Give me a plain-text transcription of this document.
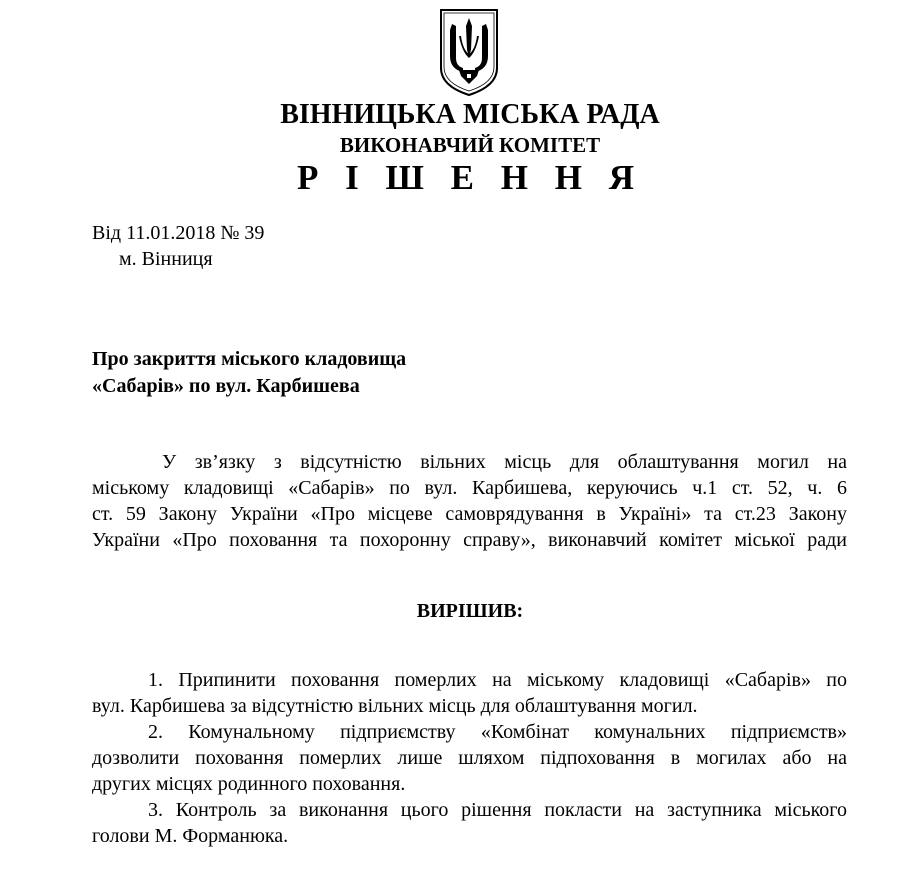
ВІННИЦЬКА МІСЬКА РАДА
ВИКОНАВЧИЙ КОМІТЕТ
Р І Ш Е Н Н Я
Від 11.01.2018 № 39
м. Вінниця
Про закриття міського кладовища
«Сабарів» по вул. Карбишева
У зв’язку з відсутністю вільних місць для облаштування могил на
міському кладовищі «Сабарів» по вул. Карбишева, керуючись ч.1 ст. 52, ч. 6
ст. 59 Закону України «Про місцеве самоврядування в Україні» та ст.23 Закону
України «Про поховання та похоронну справу», виконавчий комітет міської ради
ВИРІШИВ:
1. Припинити поховання померлих на міському кладовищі «Сабарів» по
вул. Карбишева за відсутністю вільних місць для облаштування могил.
2. Комунальному підприємству «Комбінат комунальних підприємств»
дозволити поховання померлих лише шляхом підпоховання в могилах або на
других місцях родинного поховання.
3. Контроль за виконання цього рішення покласти на заступника міського
голови М. Форманюка.
